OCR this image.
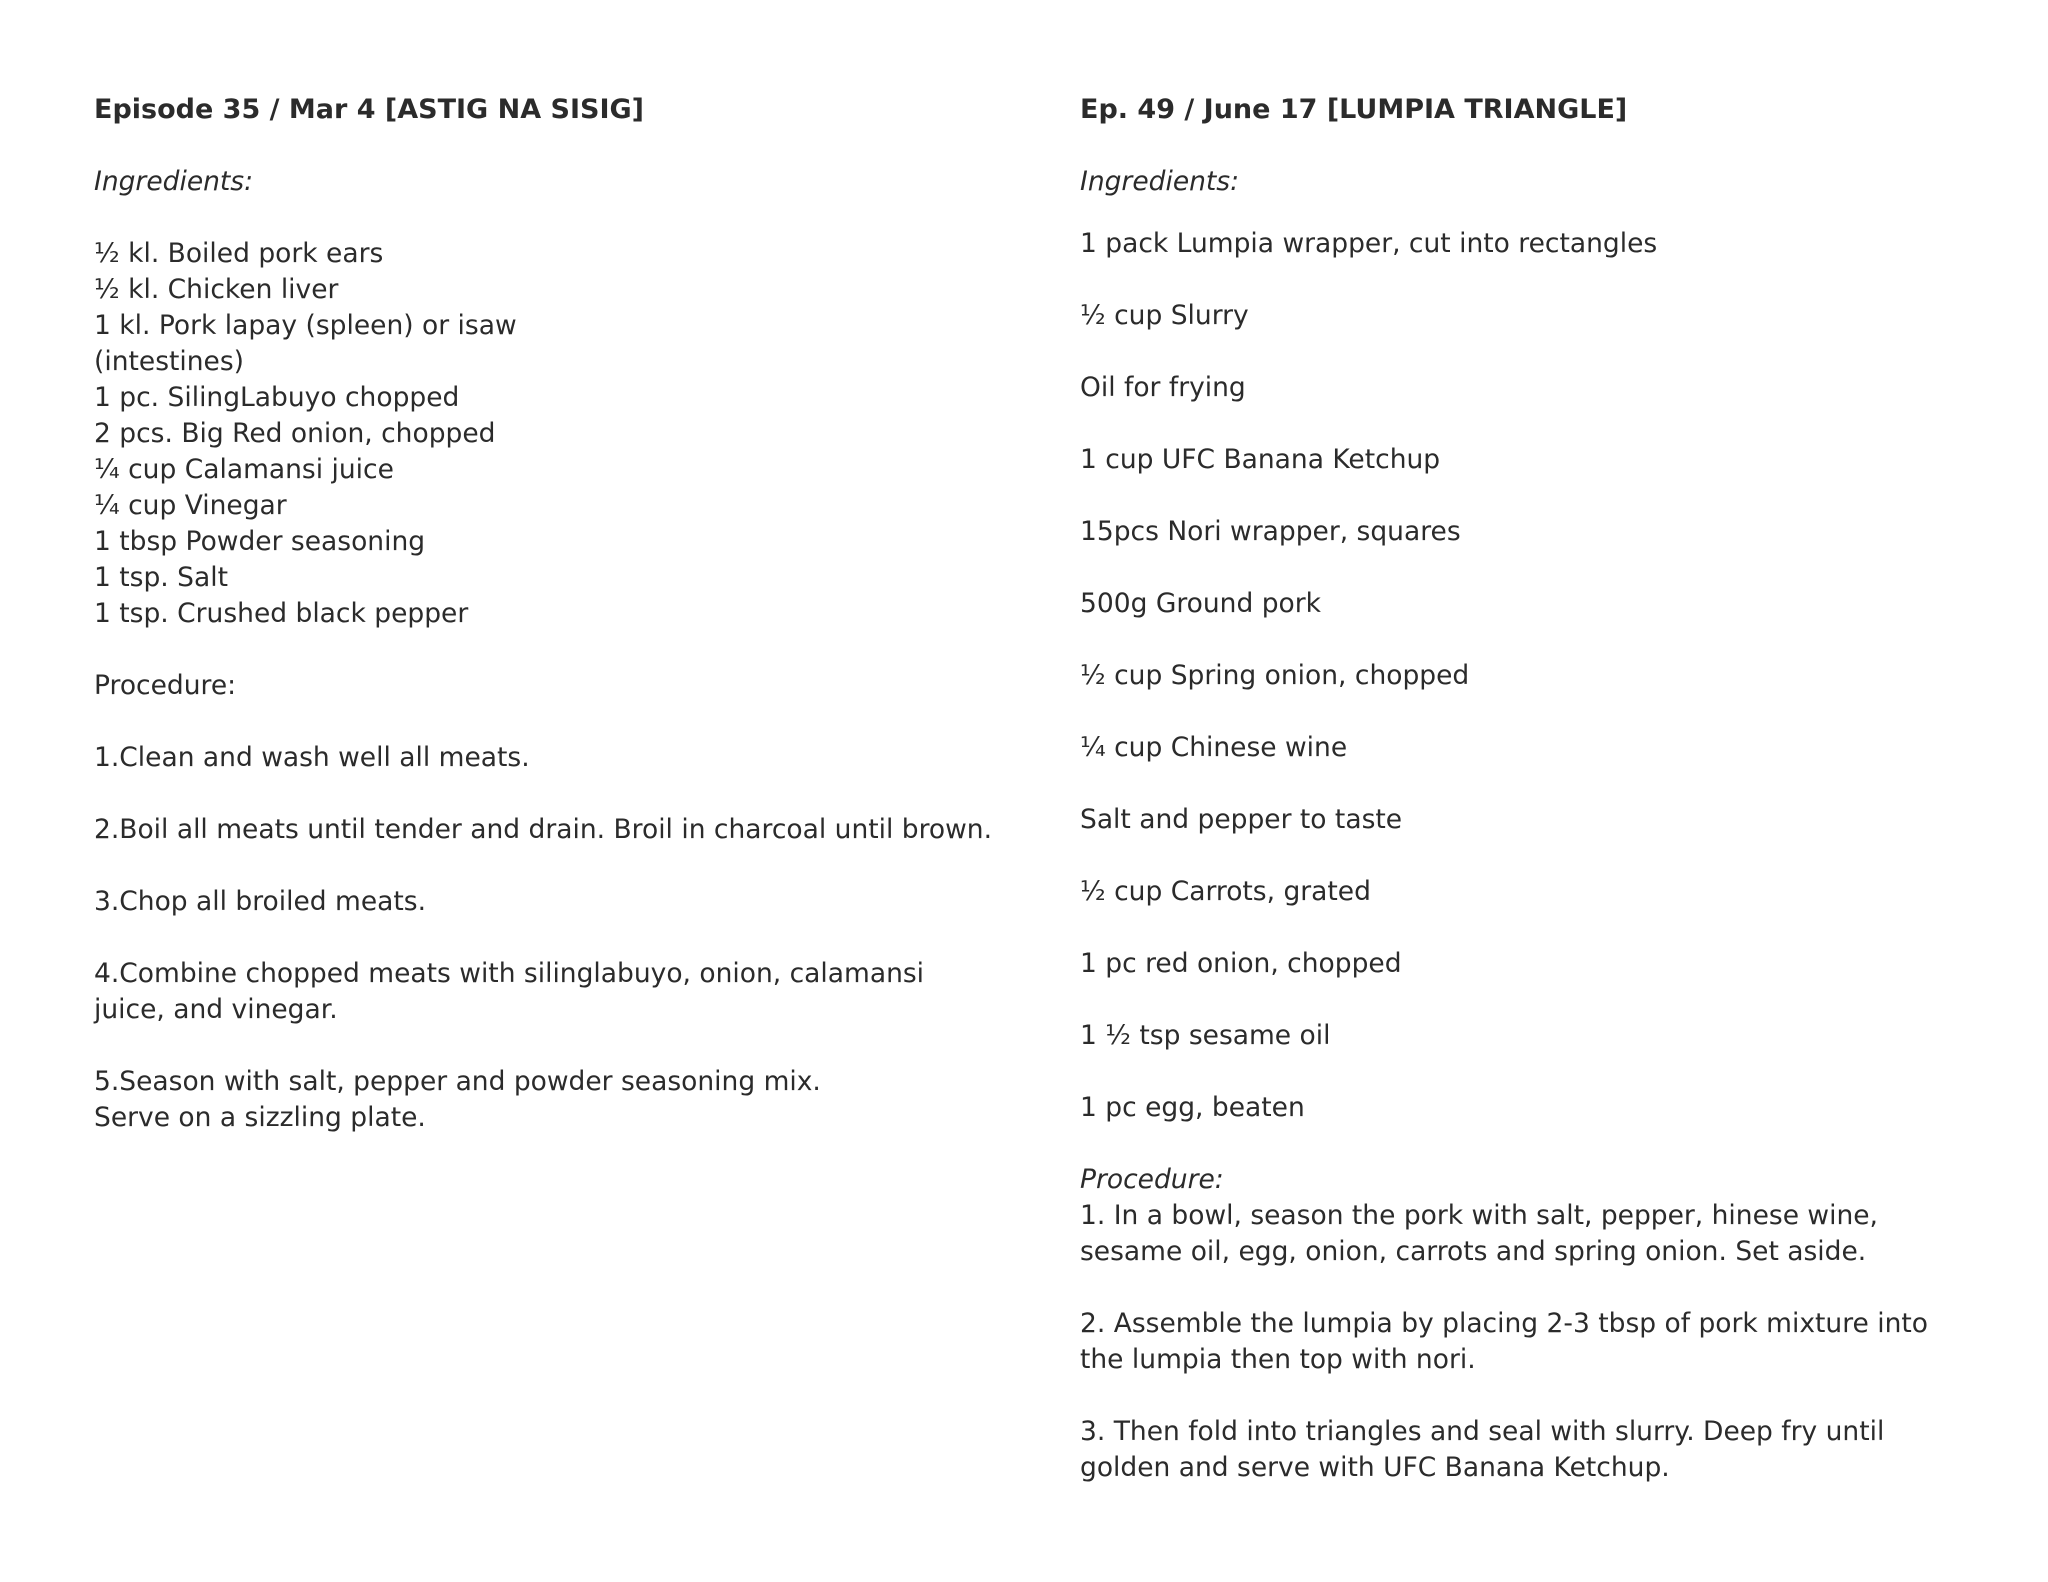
Episode 35 / Mar 4 [ASTIG NA SISIG]

Ingredients:

½ kl. Boiled pork ears

½ kl. Chicken liver

1 kl. Pork lapay (spleen) or isaw

(intestines)

1 pc. SilingLabuyo chopped

2 pcs. Big Red onion, chopped

¼ cup Calamansi juice

¼ cup Vinegar

1 tbsp Powder seasoning

1 tsp. Salt

1 tsp. Crushed black pepper

Procedure:

1.Clean and wash well all meats.

2.Boil all meats until tender and drain. Broil in charcoal until brown.

3.Chop all broiled meats.

4.Combine chopped meats with silinglabuyo, onion, calamansi juice, and vinegar.

5.Season with salt, pepper and powder seasoning mix.

Serve on a sizzling plate.

Ep. 49 / June 17 [LUMPIA TRIANGLE]

Ingredients:

1 pack Lumpia wrapper, cut into rectangles

½ cup Slurry

Oil for frying

1 cup UFC Banana Ketchup

15pcs Nori wrapper, squares

500g Ground pork

½ cup Spring onion, chopped

¼ cup Chinese wine

Salt and pepper to taste

½ cup Carrots, grated

1 pc red onion, chopped

1 ½ tsp sesame oil

1 pc egg, beaten

Procedure:

1. In a bowl, season the pork with salt, pepper, hinese wine, sesame oil, egg, onion, carrots and spring onion. Set aside.

2. Assemble the lumpia by placing 2-3 tbsp of pork mixture into the lumpia then top with nori.

3. Then fold into triangles and seal with slurry. Deep fry until golden and serve with UFC Banana Ketchup.
